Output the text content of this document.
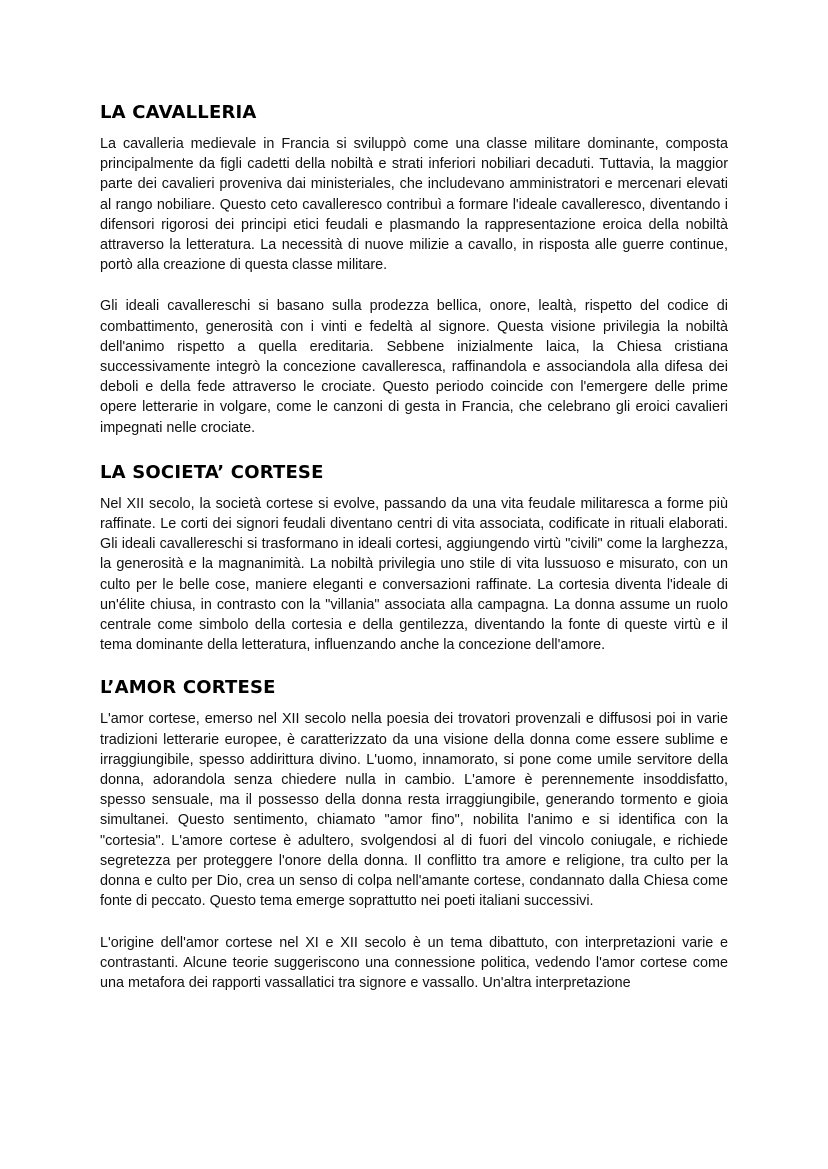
LA CAVALLERIA

La cavalleria medievale in Francia si sviluppò come una classe militare dominante, composta principalmente da figli cadetti della nobiltà e strati inferiori nobiliari decaduti. Tuttavia, la maggior parte dei cavalieri proveniva dai ministeriales, che includevano amministratori e mercenari elevati al rango nobiliare. Questo ceto cavalleresco contribuì a formare l'ideale cavalleresco, diventando i difensori rigorosi dei principi etici feudali e plasmando la rappresentazione eroica della nobiltà attraverso la letteratura. La necessità di nuove milizie a cavallo, in risposta alle guerre continue, portò alla creazione di questa classe militare.

Gli ideali cavallereschi si basano sulla prodezza bellica, onore, lealtà, rispetto del codice di combattimento, generosità con i vinti e fedeltà al signore. Questa visione privilegia la nobiltà dell'animo rispetto a quella ereditaria. Sebbene inizialmente laica, la Chiesa cristiana successivamente integrò la concezione cavalleresca, raffinandola e associandola alla difesa dei deboli e della fede attraverso le crociate. Questo periodo coincide con l'emergere delle prime opere letterarie in volgare, come le canzoni di gesta in Francia, che celebrano gli eroici cavalieri impegnati nelle crociate.

LA SOCIETA’ CORTESE

Nel XII secolo, la società cortese si evolve, passando da una vita feudale militaresca a forme più raffinate. Le corti dei signori feudali diventano centri di vita associata, codificate in rituali elaborati. Gli ideali cavallereschi si trasformano in ideali cortesi, aggiungendo virtù "civili" come la larghezza, la generosità e la magnanimità. La nobiltà privilegia uno stile di vita lussuoso e misurato, con un culto per le belle cose, maniere eleganti e conversazioni raffinate. La cortesia diventa l'ideale di un'élite chiusa, in contrasto con la "villania" associata alla campagna. La donna assume un ruolo centrale come simbolo della cortesia e della gentilezza, diventando la fonte di queste virtù e il tema dominante della letteratura, influenzando anche la concezione dell'amore.

L’AMOR CORTESE

L'amor cortese, emerso nel XII secolo nella poesia dei trovatori provenzali e diffusosi poi in varie tradizioni letterarie europee, è caratterizzato da una visione della donna come essere sublime e irraggiungibile, spesso addirittura divino. L'uomo, innamorato, si pone come umile servitore della donna, adorandola senza chiedere nulla in cambio. L'amore è perennemente insoddisfatto, spesso sensuale, ma il possesso della donna resta irraggiungibile, generando tormento e gioia simultanei. Questo sentimento, chiamato "amor fino", nobilita l'animo e si identifica con la "cortesia". L'amore cortese è adultero, svolgendosi al di fuori del vincolo coniugale, e richiede segretezza per proteggere l'onore della donna. Il conflitto tra amore e religione, tra culto per la donna e culto per Dio, crea un senso di colpa nell'amante cortese, condannato dalla Chiesa come fonte di peccato. Questo tema emerge soprattutto nei poeti italiani successivi.

L'origine dell'amor cortese nel XI e XII secolo è un tema dibattuto, con interpretazioni varie e contrastanti. Alcune teorie suggeriscono una connessione politica, vedendo l'amor cortese come una metafora dei rapporti vassallatici tra signore e vassallo. Un'altra interpretazione
